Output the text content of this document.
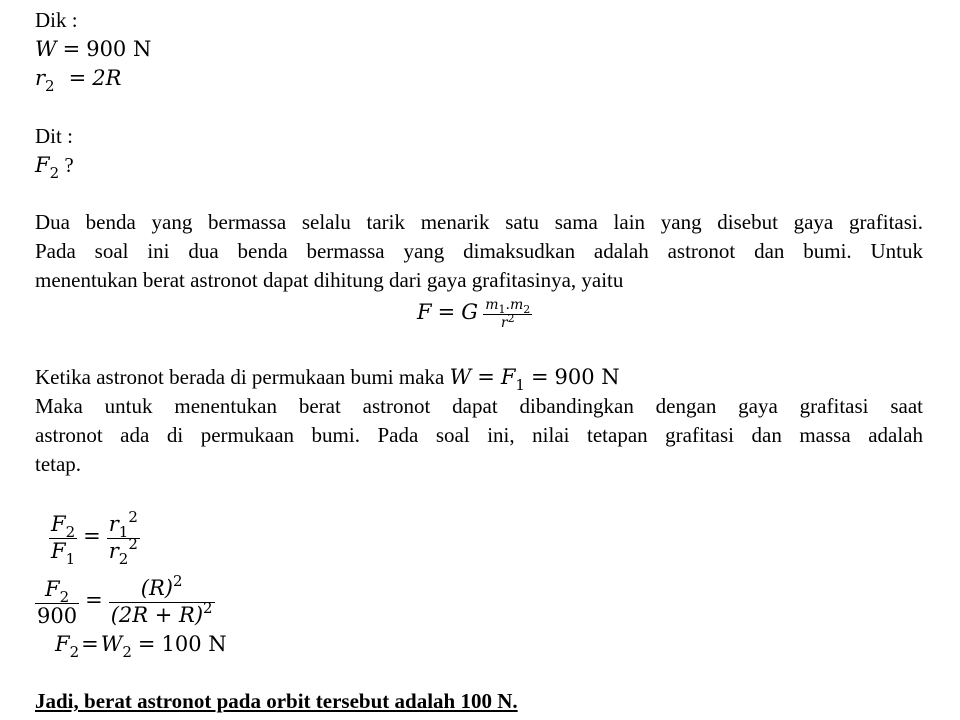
Dik :
W = 900 N
$r_2 = 2R$
Dit :
$F_2$ ?
Dua benda yang bermassa selalu tarik menarik satu sama lain yang disebut gaya grafitasi.
Pada soal ini dua benda bermassa yang dimaksudkan adalah astronot dan bumi. Untuk
menentukan berat astronot dapat dihitung dari gaya grafitasinya, yaitu
F = G $\frac{m_1.m_2}{r^2}$
Ketika astronot berada di permukaan bumi maka $W = F_1 = 900$ N
Maka untuk menentukan berat astronot dapat dibandingkan dengan gaya grafitasi saat
astronot ada di permukaan bumi. Pada soal ini, nilai tetapan grafitasi dan massa adalah
tetap.
$\frac{F_2}{F_1} = \frac{r_1^2}{r_2^2}$
$\frac{F_2}{900} = \frac{(R)^2}{(2R + R)^2}$
$F_2=W_2 = 100$ N
Jadi, berat astronot pada orbit tersebut adalah 100 N.
